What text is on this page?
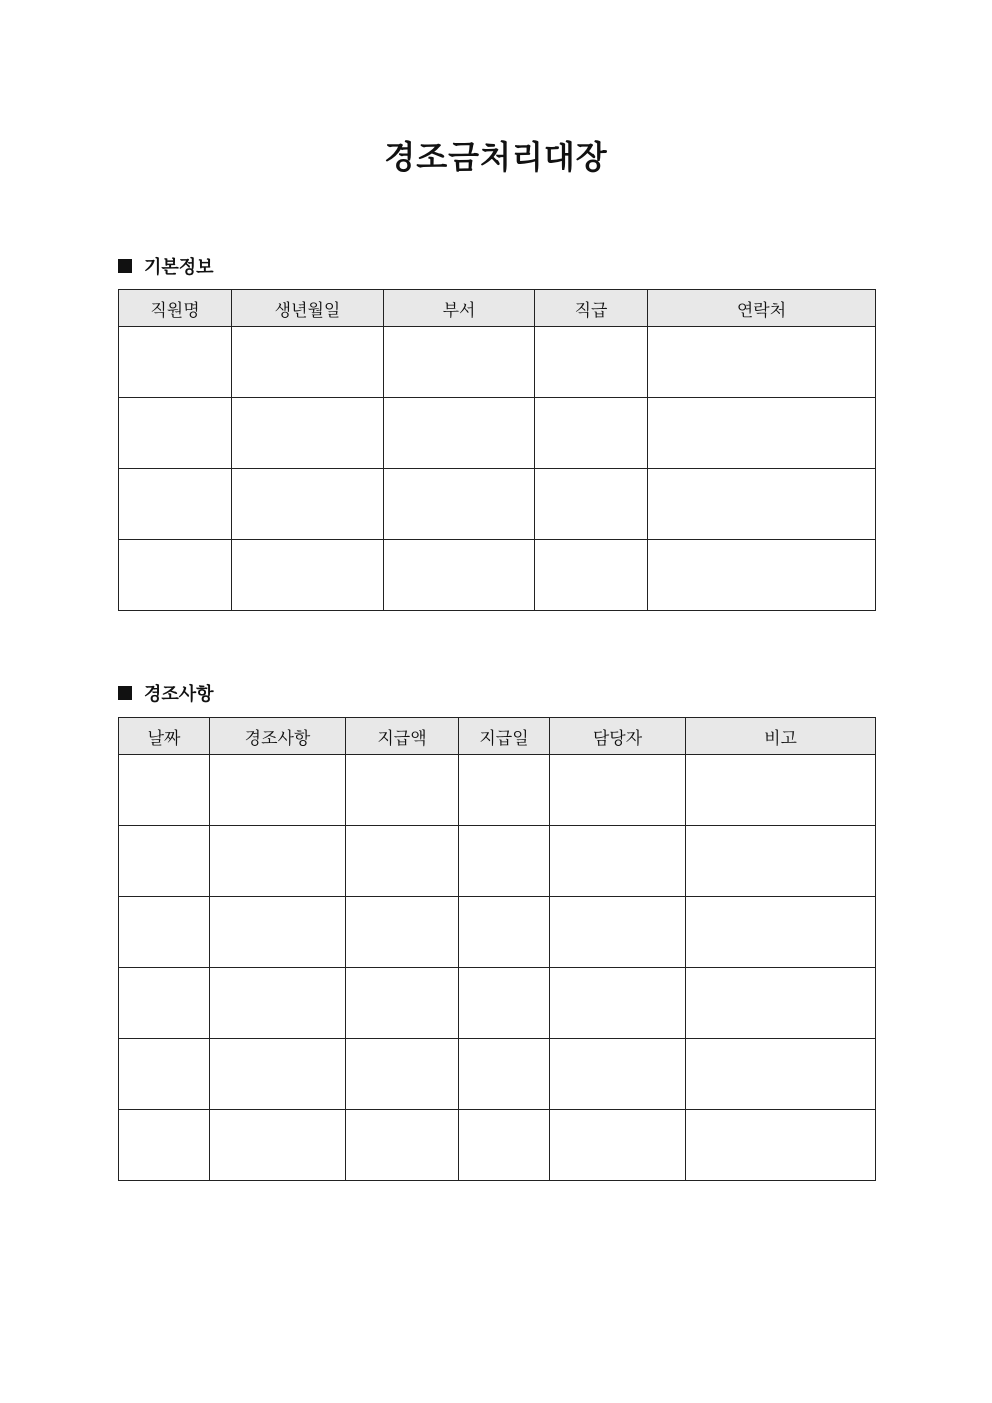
경조금처리대장
기본정보
직원명	생년월일	부서	직급	연락처

경조사항
날짜	경조사항	지급액	지급일	담당자	비고
